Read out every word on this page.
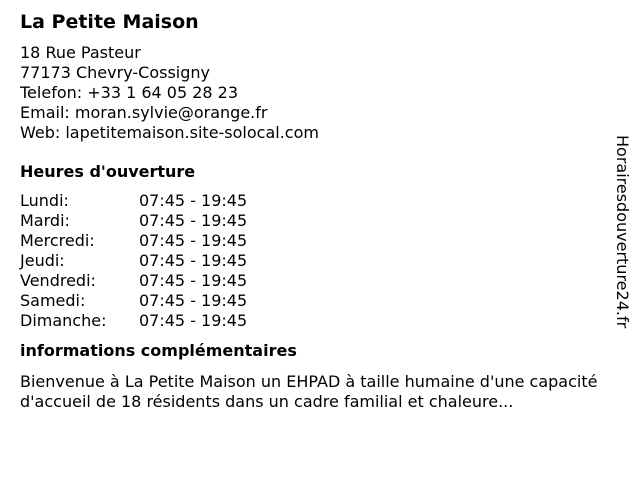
La Petite Maison
18 Rue Pasteur
77173 Chevry-Cossigny
Telefon: +33 1 64 05 28 23
Email: moran.sylvie@orange.fr
Web: lapetitemaison.site-solocal.com
Heures d'ouverture
Lundi:	07:45 - 19:45
Mardi:	07:45 - 19:45
Mercredi:	07:45 - 19:45
Jeudi:	07:45 - 19:45
Vendredi:	07:45 - 19:45
Samedi:	07:45 - 19:45
Dimanche:	07:45 - 19:45
informations complémentaires
Bienvenue à La Petite Maison un EHPAD à taille humaine d'une capacité d'accueil de 18 résidents dans un cadre familial et chaleure...
Horairesdouverture24.fr
